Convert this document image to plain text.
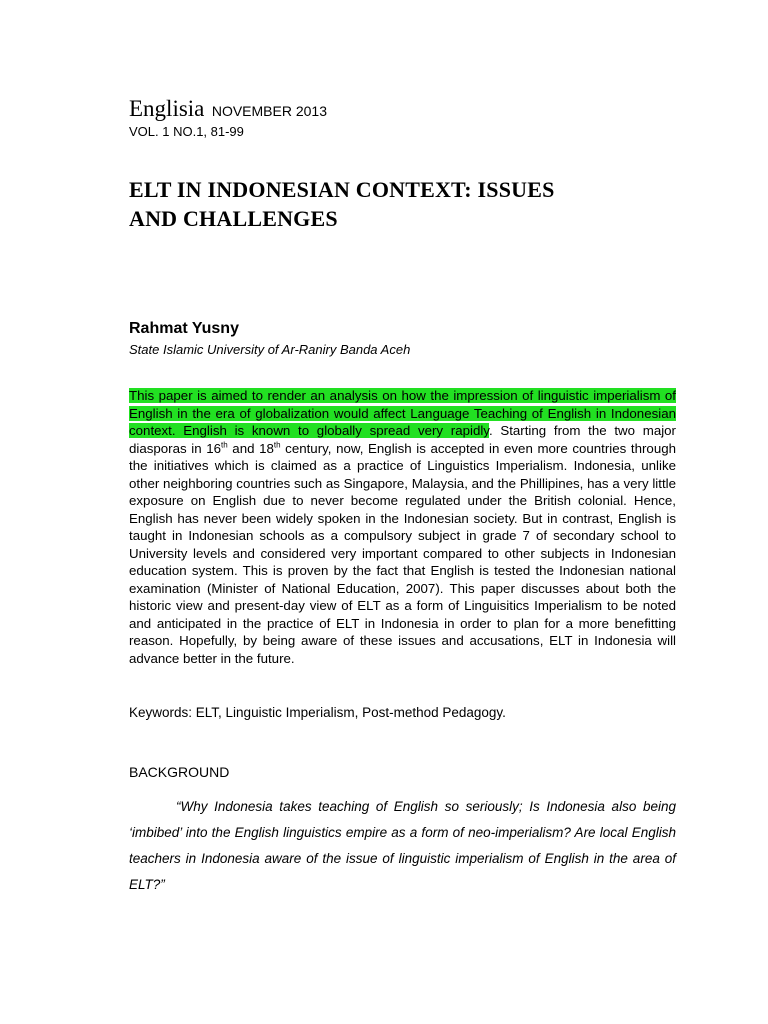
Englisia NOVEMBER 2013
VOL. 1 NO.1, 81-99
ELT IN INDONESIAN CONTEXT: ISSUES
AND CHALLENGES
Rahmat Yusny
State Islamic University of Ar-Raniry Banda Aceh
This paper is aimed to render an analysis on how the impression of linguistic imperialism of English in the era of globalization would affect Language Teaching of English in Indonesian context. English is known to globally spread very rapidly. Starting from the two major diasporas in 16th and 18th century, now, English is accepted in even more countries through the initiatives which is claimed as a practice of Linguistics Imperialism. Indonesia, unlike other neighboring countries such as Singapore, Malaysia, and the Phillipines, has a very little exposure on English due to never become regulated under the British colonial. Hence, English has never been widely spoken in the Indonesian society. But in contrast, English is taught in Indonesian schools as a compulsory subject in grade 7 of secondary school to University levels and considered very important compared to other subjects in Indonesian education system. This is proven by the fact that English is tested the Indonesian national examination (Minister of National Education, 2007). This paper discusses about both the historic view and present-day view of ELT as a form of Linguisitics Imperialism to be noted and anticipated in the practice of ELT in Indonesia in order to plan for a more benefitting reason. Hopefully, by being aware of these issues and accusations, ELT in Indonesia will advance better in the future.
Keywords: ELT, Linguistic Imperialism, Post-method Pedagogy.
BACKGROUND
“Why Indonesia takes teaching of English so seriously; Is Indonesia also being ‘imbibed’ into the English linguistics empire as a form of neo-imperialism? Are local English teachers in Indonesia aware of the issue of linguistic imperialism of English in the area of ELT?”
